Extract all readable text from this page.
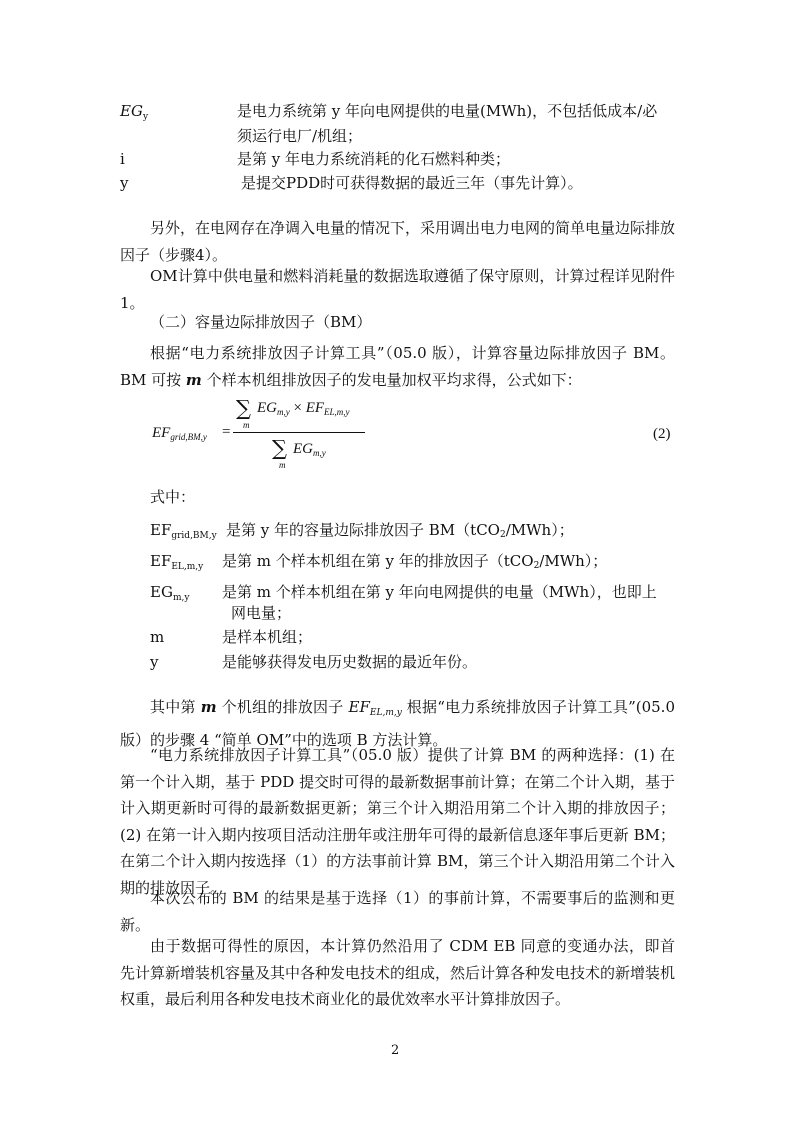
$EG_y$	是电力系统第 y 年向电网提供的电量(MWh)，不包括低成本/必
须运行电厂/机组；
i	是第 y 年电力系统消耗的化石燃料种类；
y	是提交PDD时可获得数据的最近三年（事先计算）。

另外，在电网存在净调入电量的情况下，采用调出电力电网的简单电量边际排放因子（步骤4）。

OM计算中供电量和燃料消耗量的数据选取遵循了保守原则，计算过程详见附件1。

（二）容量边际排放因子（BM）

根据“电力系统排放因子计算工具”（05.0 版），计算容量边际排放因子 BM。BM 可按 m 个样本机组排放因子的发电量加权平均求得，公式如下：

$EF_{grid,BM,y}$ =
∑
m
$EG_{m,y} \times EF_{EL,m,y}$
∑
m
$EG_{m,y}$
(2)
式中：
$EF_{grid,BM,y}$ 是第 y 年的容量边际排放因子 BM（tCO2/MWh）；
$EF_{EL,m,y}$ 是第 m 个样本机组在第 y 年的排放因子（tCO2/MWh）；
$EG_{m,y}$ 是第 m 个样本机组在第 y 年向电网提供的电量（MWh），也即上
网电量；
m	是样本机组；
y	是能够获得发电历史数据的最近年份。

其中第 m 个机组的排放因子 $EF_{EL,m,y}$ 根据“电力系统排放因子计算工具”(05.0 版）的步骤 4 “简单 OM”中的选项 B 方法计算。

“电力系统排放因子计算工具”（05.0 版）提供了计算 BM 的两种选择：(1) 在第一个计入期，基于 PDD 提交时可得的最新数据事前计算；在第二个计入期，基于计入期更新时可得的最新数据更新；第三个计入期沿用第二个计入期的排放因子；(2) 在第一计入期内按项目活动注册年或注册年可得的最新信息逐年事后更新 BM；在第二个计入期内按选择（1）的方法事前计算 BM，第三个计入期沿用第二个计入期的排放因子。

本次公布的 BM 的结果是基于选择（1）的事前计算，不需要事后的监测和更新。

由于数据可得性的原因，本计算仍然沿用了 CDM EB 同意的变通办法，即首先计算新增装机容量及其中各种发电技术的组成，然后计算各种发电技术的新增装机权重，最后利用各种发电技术商业化的最优效率水平计算排放因子。

2
